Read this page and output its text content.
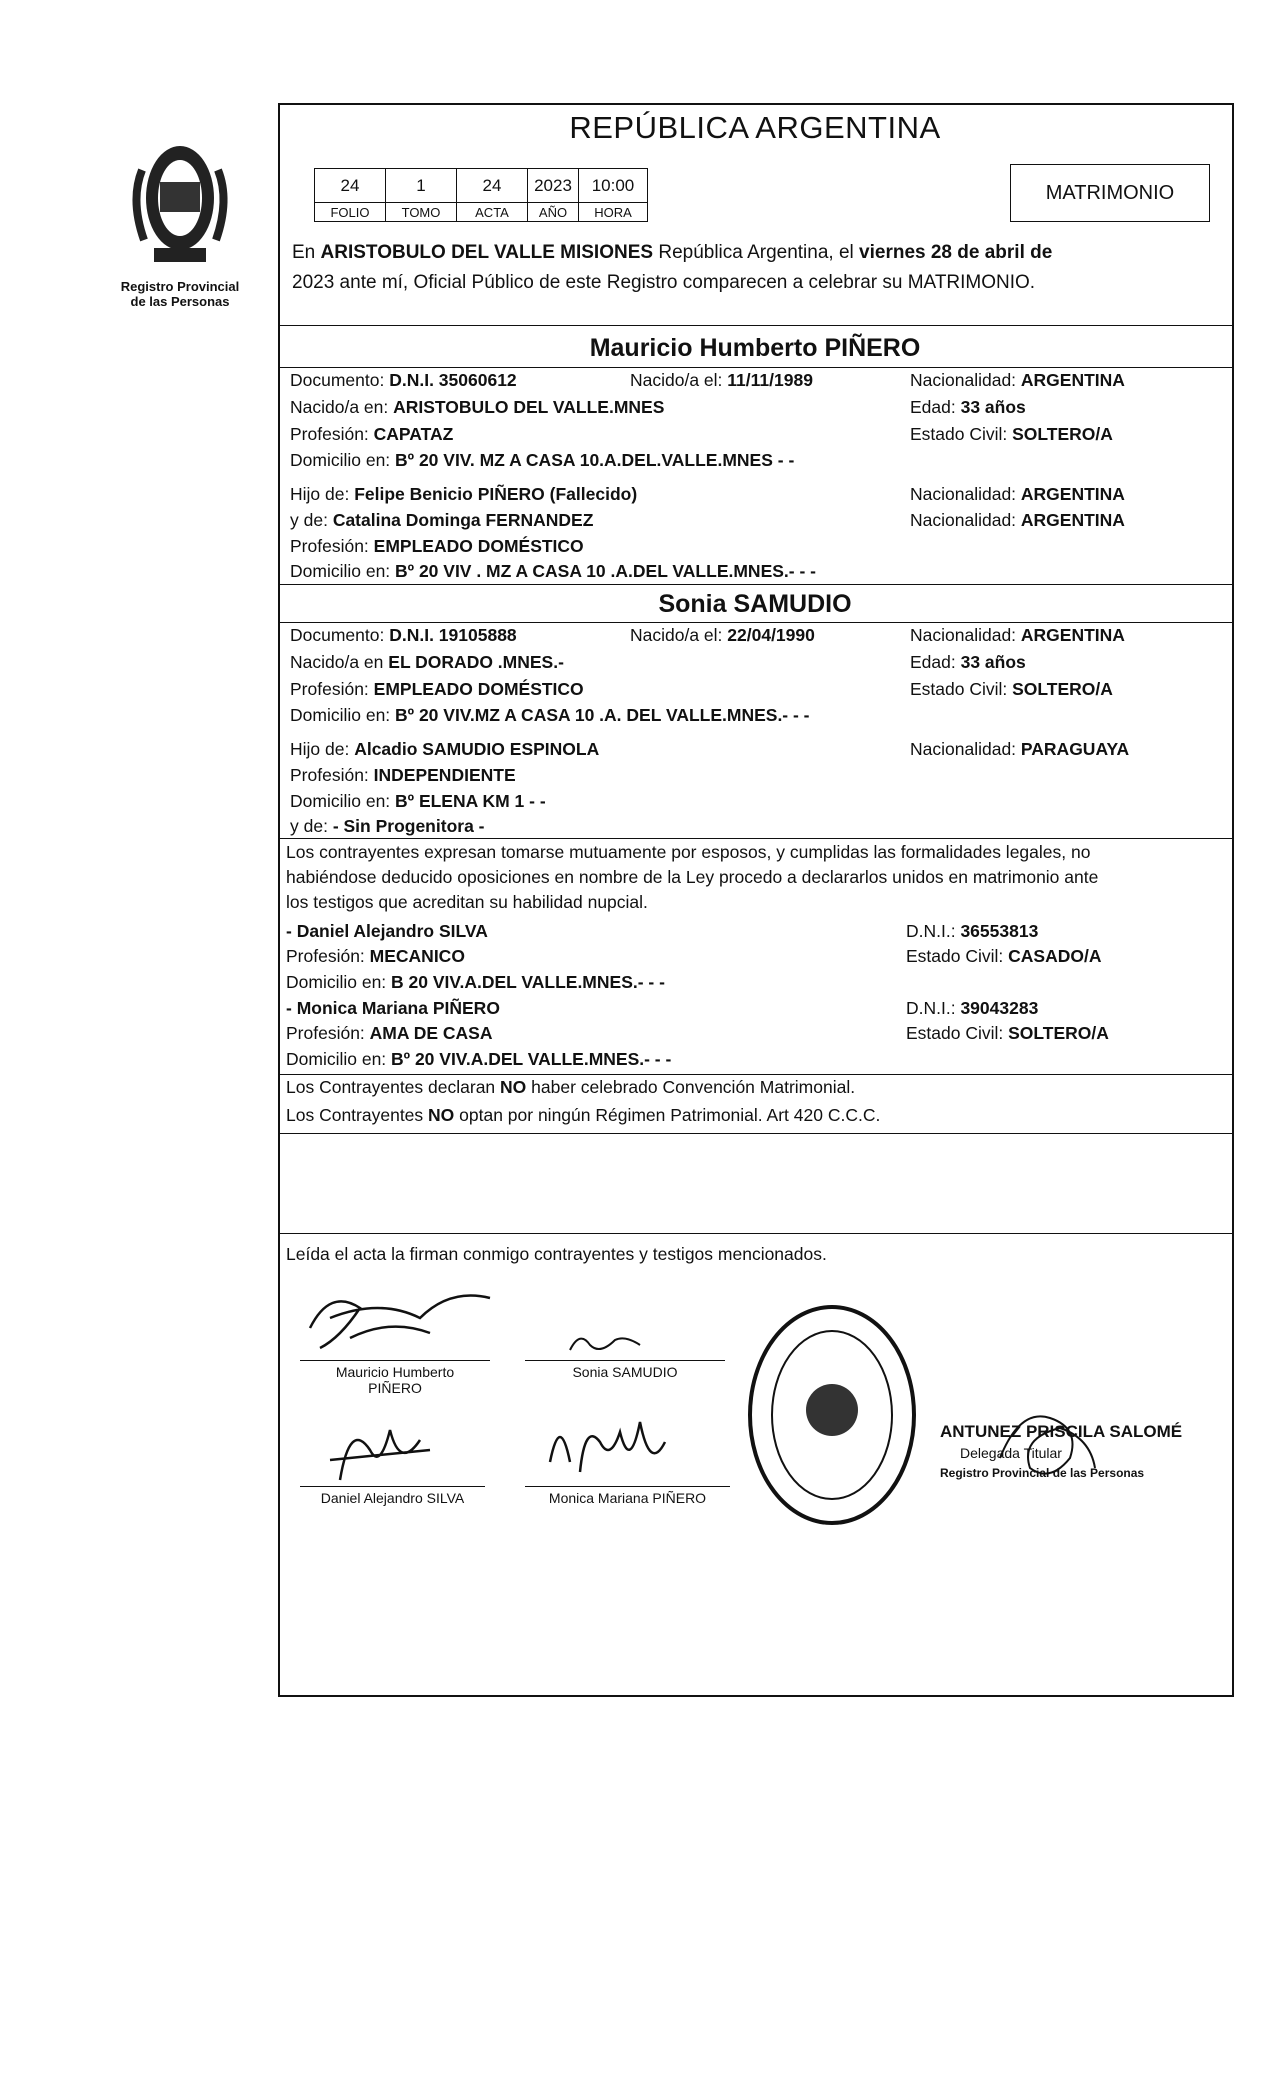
Registro Provincial
de las Personas
REPÚBLICA ARGENTINA
24	1	24	2023	10:00
FOLIO	TOMO	ACTA	AÑO	HORA
MATRIMONIO
En ARISTOBULO DEL VALLE MISIONES República Argentina, el viernes 28 de abril de
2023 ante mí, Oficial Público de este Registro comparecen a celebrar su MATRIMONIO.
Mauricio Humberto PIÑERO
Documento: D.N.I. 35060612	Nacido/a el: 11/11/1989	Nacionalidad: ARGENTINA
Nacido/a en: ARISTOBULO DEL VALLE.MNES	Edad: 33 años
Profesión: CAPATAZ	Estado Civil: SOLTERO/A
Domicilio en: Bº 20 VIV. MZ A CASA 10.A.DEL.VALLE.MNES - -
Hijo de: Felipe Benicio PIÑERO (Fallecido)	Nacionalidad: ARGENTINA
y de: Catalina Dominga FERNANDEZ	Nacionalidad: ARGENTINA
Profesión: EMPLEADO DOMÉSTICO
Domicilio en: Bº 20 VIV . MZ A CASA 10 .A.DEL VALLE.MNES.- - -
Sonia SAMUDIO
Documento: D.N.I. 19105888	Nacido/a el: 22/04/1990	Nacionalidad: ARGENTINA
Nacido/a en EL DORADO .MNES.-	Edad: 33 años
Profesión: EMPLEADO DOMÉSTICO	Estado Civil: SOLTERO/A
Domicilio en: Bº 20 VIV.MZ A CASA 10 .A. DEL VALLE.MNES.- - -
Hijo de: Alcadio SAMUDIO ESPINOLA	Nacionalidad: PARAGUAYA
Profesión: INDEPENDIENTE
Domicilio en: Bº ELENA KM 1 - -
y de: - Sin Progenitora -
Los contrayentes expresan tomarse mutuamente por esposos, y cumplidas las formalidades legales, no
habiéndose deducido oposiciones en nombre de la Ley procedo a declararlos unidos en matrimonio ante
los testigos que acreditan su habilidad nupcial.
- Daniel Alejandro SILVA	D.N.I.: 36553813
Profesión: MECANICO	Estado Civil: CASADO/A
Domicilio en: B 20 VIV.A.DEL VALLE.MNES.- - -
- Monica Mariana PIÑERO	D.N.I.: 39043283
Profesión: AMA DE CASA	Estado Civil: SOLTERO/A
Domicilio en: Bº 20 VIV.A.DEL VALLE.MNES.- - -
Los Contrayentes declaran NO haber celebrado Convención Matrimonial.
Los Contrayentes NO optan por ningún Régimen Patrimonial. Art 420 C.C.C.
Leída el acta la firman conmigo contrayentes y testigos mencionados.
Mauricio Humberto
PIÑERO
Sonia SAMUDIO
Daniel Alejandro SILVA	Monica Mariana PIÑERO
ANTUNEZ PRISCILA SALOMÉ
Delegada Titular
Registro Provincial de las Personas
